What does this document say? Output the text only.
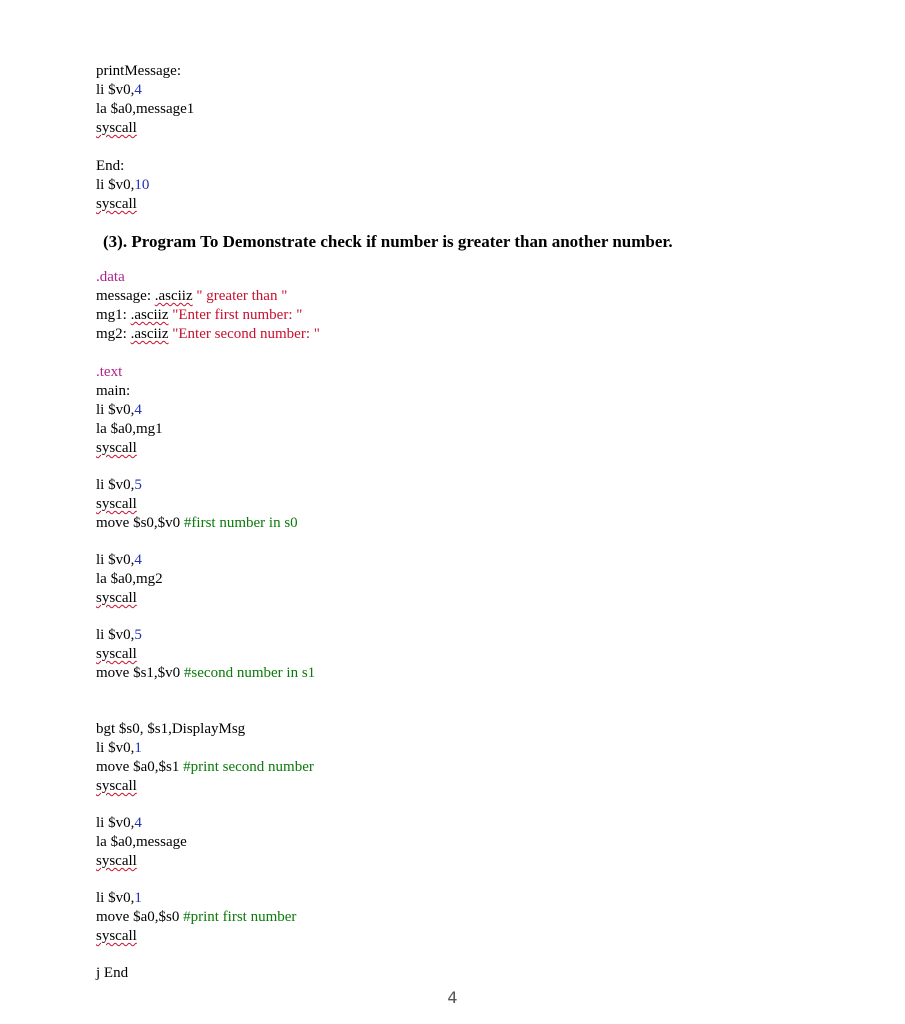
printMessage:
li $v0,4
la $a0,message1
syscall
End:
li $v0,10
syscall
(3). Program To Demonstrate check if number is greater than another number.
.data
message: .asciiz " greater than "
mg1: .asciiz "Enter first number: "
mg2: .asciiz "Enter second number: "
.text
main:
li $v0,4
la $a0,mg1
syscall
li $v0,5
syscall
move $s0,$v0 #first number in s0
li $v0,4
la $a0,mg2
syscall
li $v0,5
syscall
move $s1,$v0 #second number in s1
bgt $s0, $s1,DisplayMsg
li $v0,1
move $a0,$s1 #print second number
syscall
li $v0,4
la $a0,message
syscall
li $v0,1
move $a0,$s0 #print first number
syscall
j End
4
